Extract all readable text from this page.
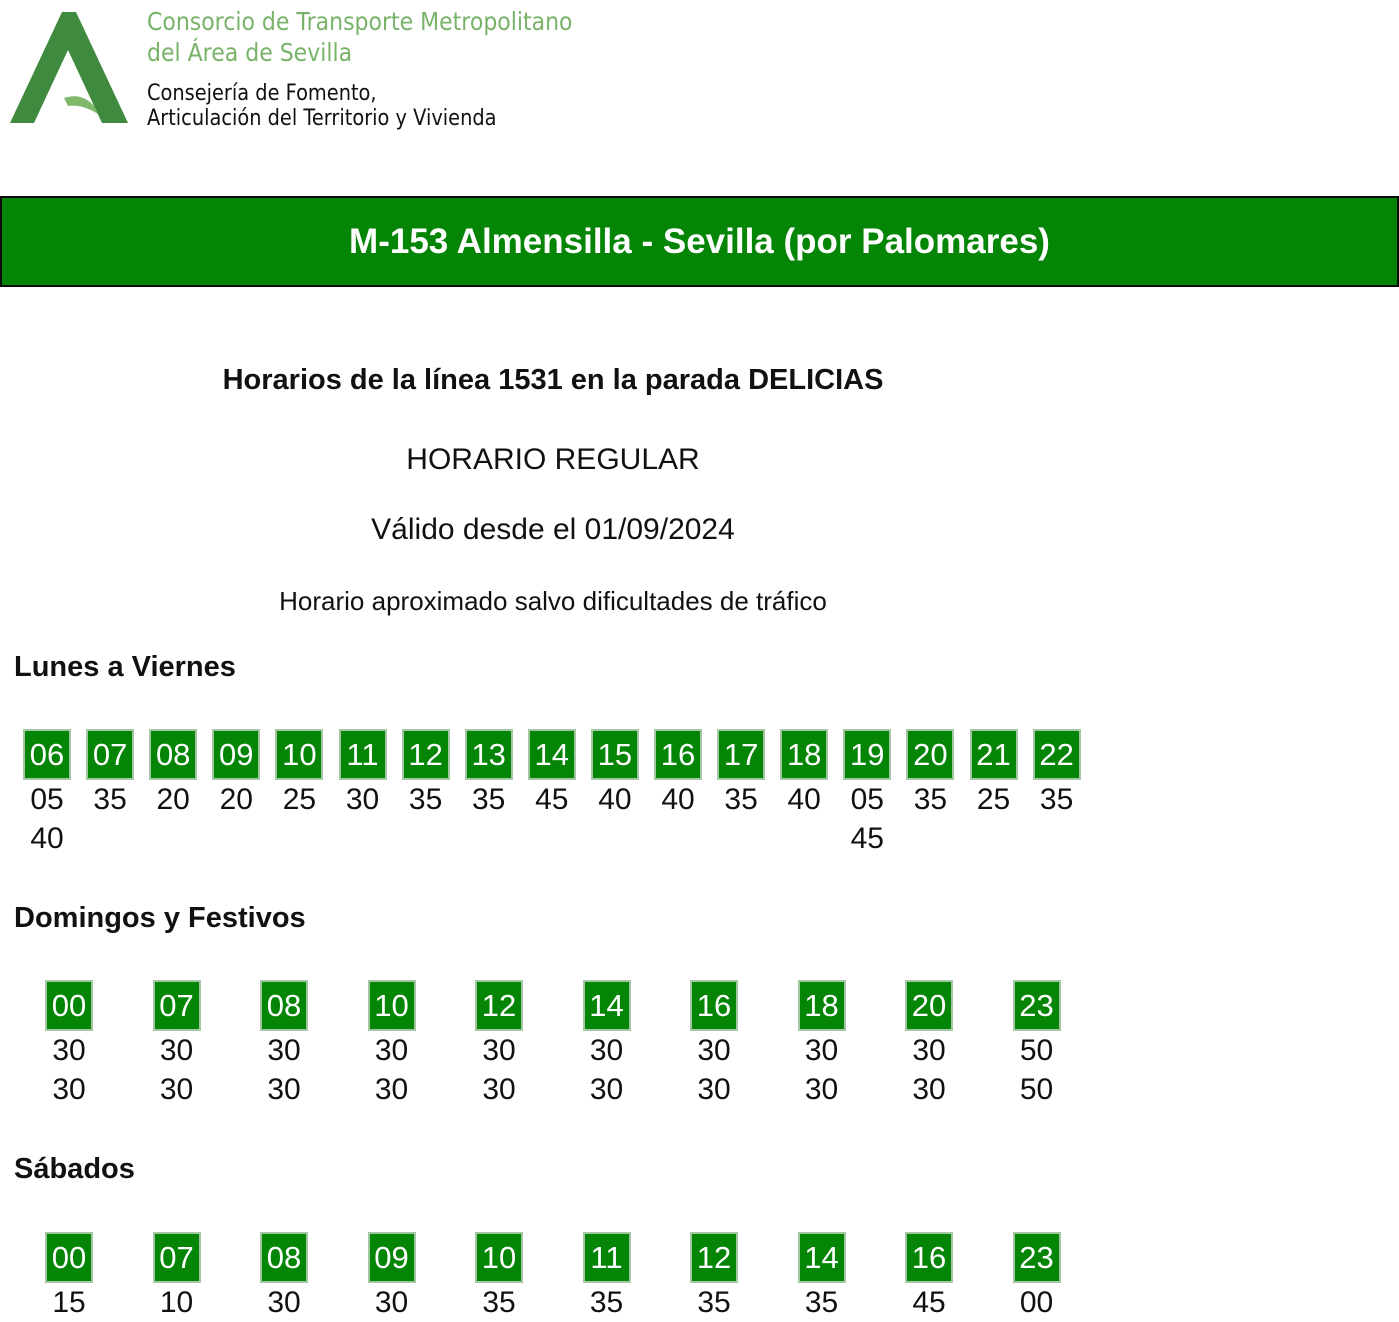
Consorcio de Transporte Metropolitano
del Área de Sevilla
Consejería de Fomento,
Articulación del Territorio y Vivienda
M-153 Almensilla - Sevilla (por Palomares)
Horarios de la línea 1531 en la parada DELICIAS
HORARIO REGULAR
Válido desde el 01/09/2024
Horario aproximado salvo dificultades de tráfico
Lunes a Viernes
06
05
40
07
35
08
20
09
20
10
25
11
30
12
35
13
35
14
45
15
40
16
40
17
35
18
40
19
05
45
20
35
21
25
22
35
Domingos y Festivos
00
30
30
07
30
30
08
30
30
10
30
30
12
30
30
14
30
30
16
30
30
18
30
30
20
30
30
23
50
50
Sábados
00
15
07
10
08
30
09
30
10
35
11
35
12
35
14
35
16
45
23
00
